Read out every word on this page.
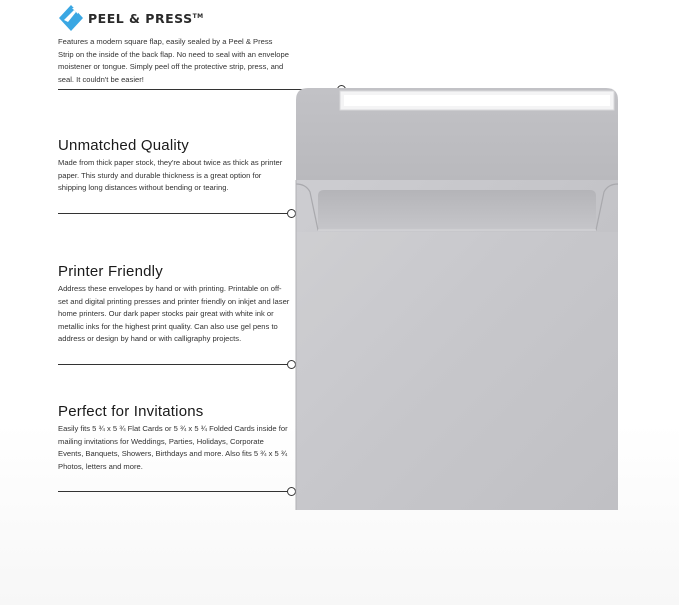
PEEL & PRESS™

Features a modern square flap, easily sealed by a Peel & Press Strip on the inside of the back flap. No need to seal with an envelope moistener or tongue. Simply peel off the protective strip, press, and seal. It couldn't be easier!

Unmatched Quality

Made from thick paper stock, they're about twice as thick as printer paper. This sturdy and durable thickness is a great option for shipping long distances without bending or tearing.

Printer Friendly

Address these envelopes by hand or with printing. Printable on off-set and digital printing presses and printer friendly on inkjet and laser home printers. Our dark paper stocks pair great with white ink or metallic inks for the highest print quality. Can also use gel pens to address or design by hand or with calligraphy projects.

Perfect for Invitations

Easily fits 5 ¾ x 5 ¾ Flat Cards or 5 ¾ x 5 ¾ Folded Cards inside for mailing invitations for Weddings, Parties, Holidays, Corporate Events, Banquets, Showers, Birthdays and more. Also fits 5 ¾ x 5 ¾ Photos, letters and more.
